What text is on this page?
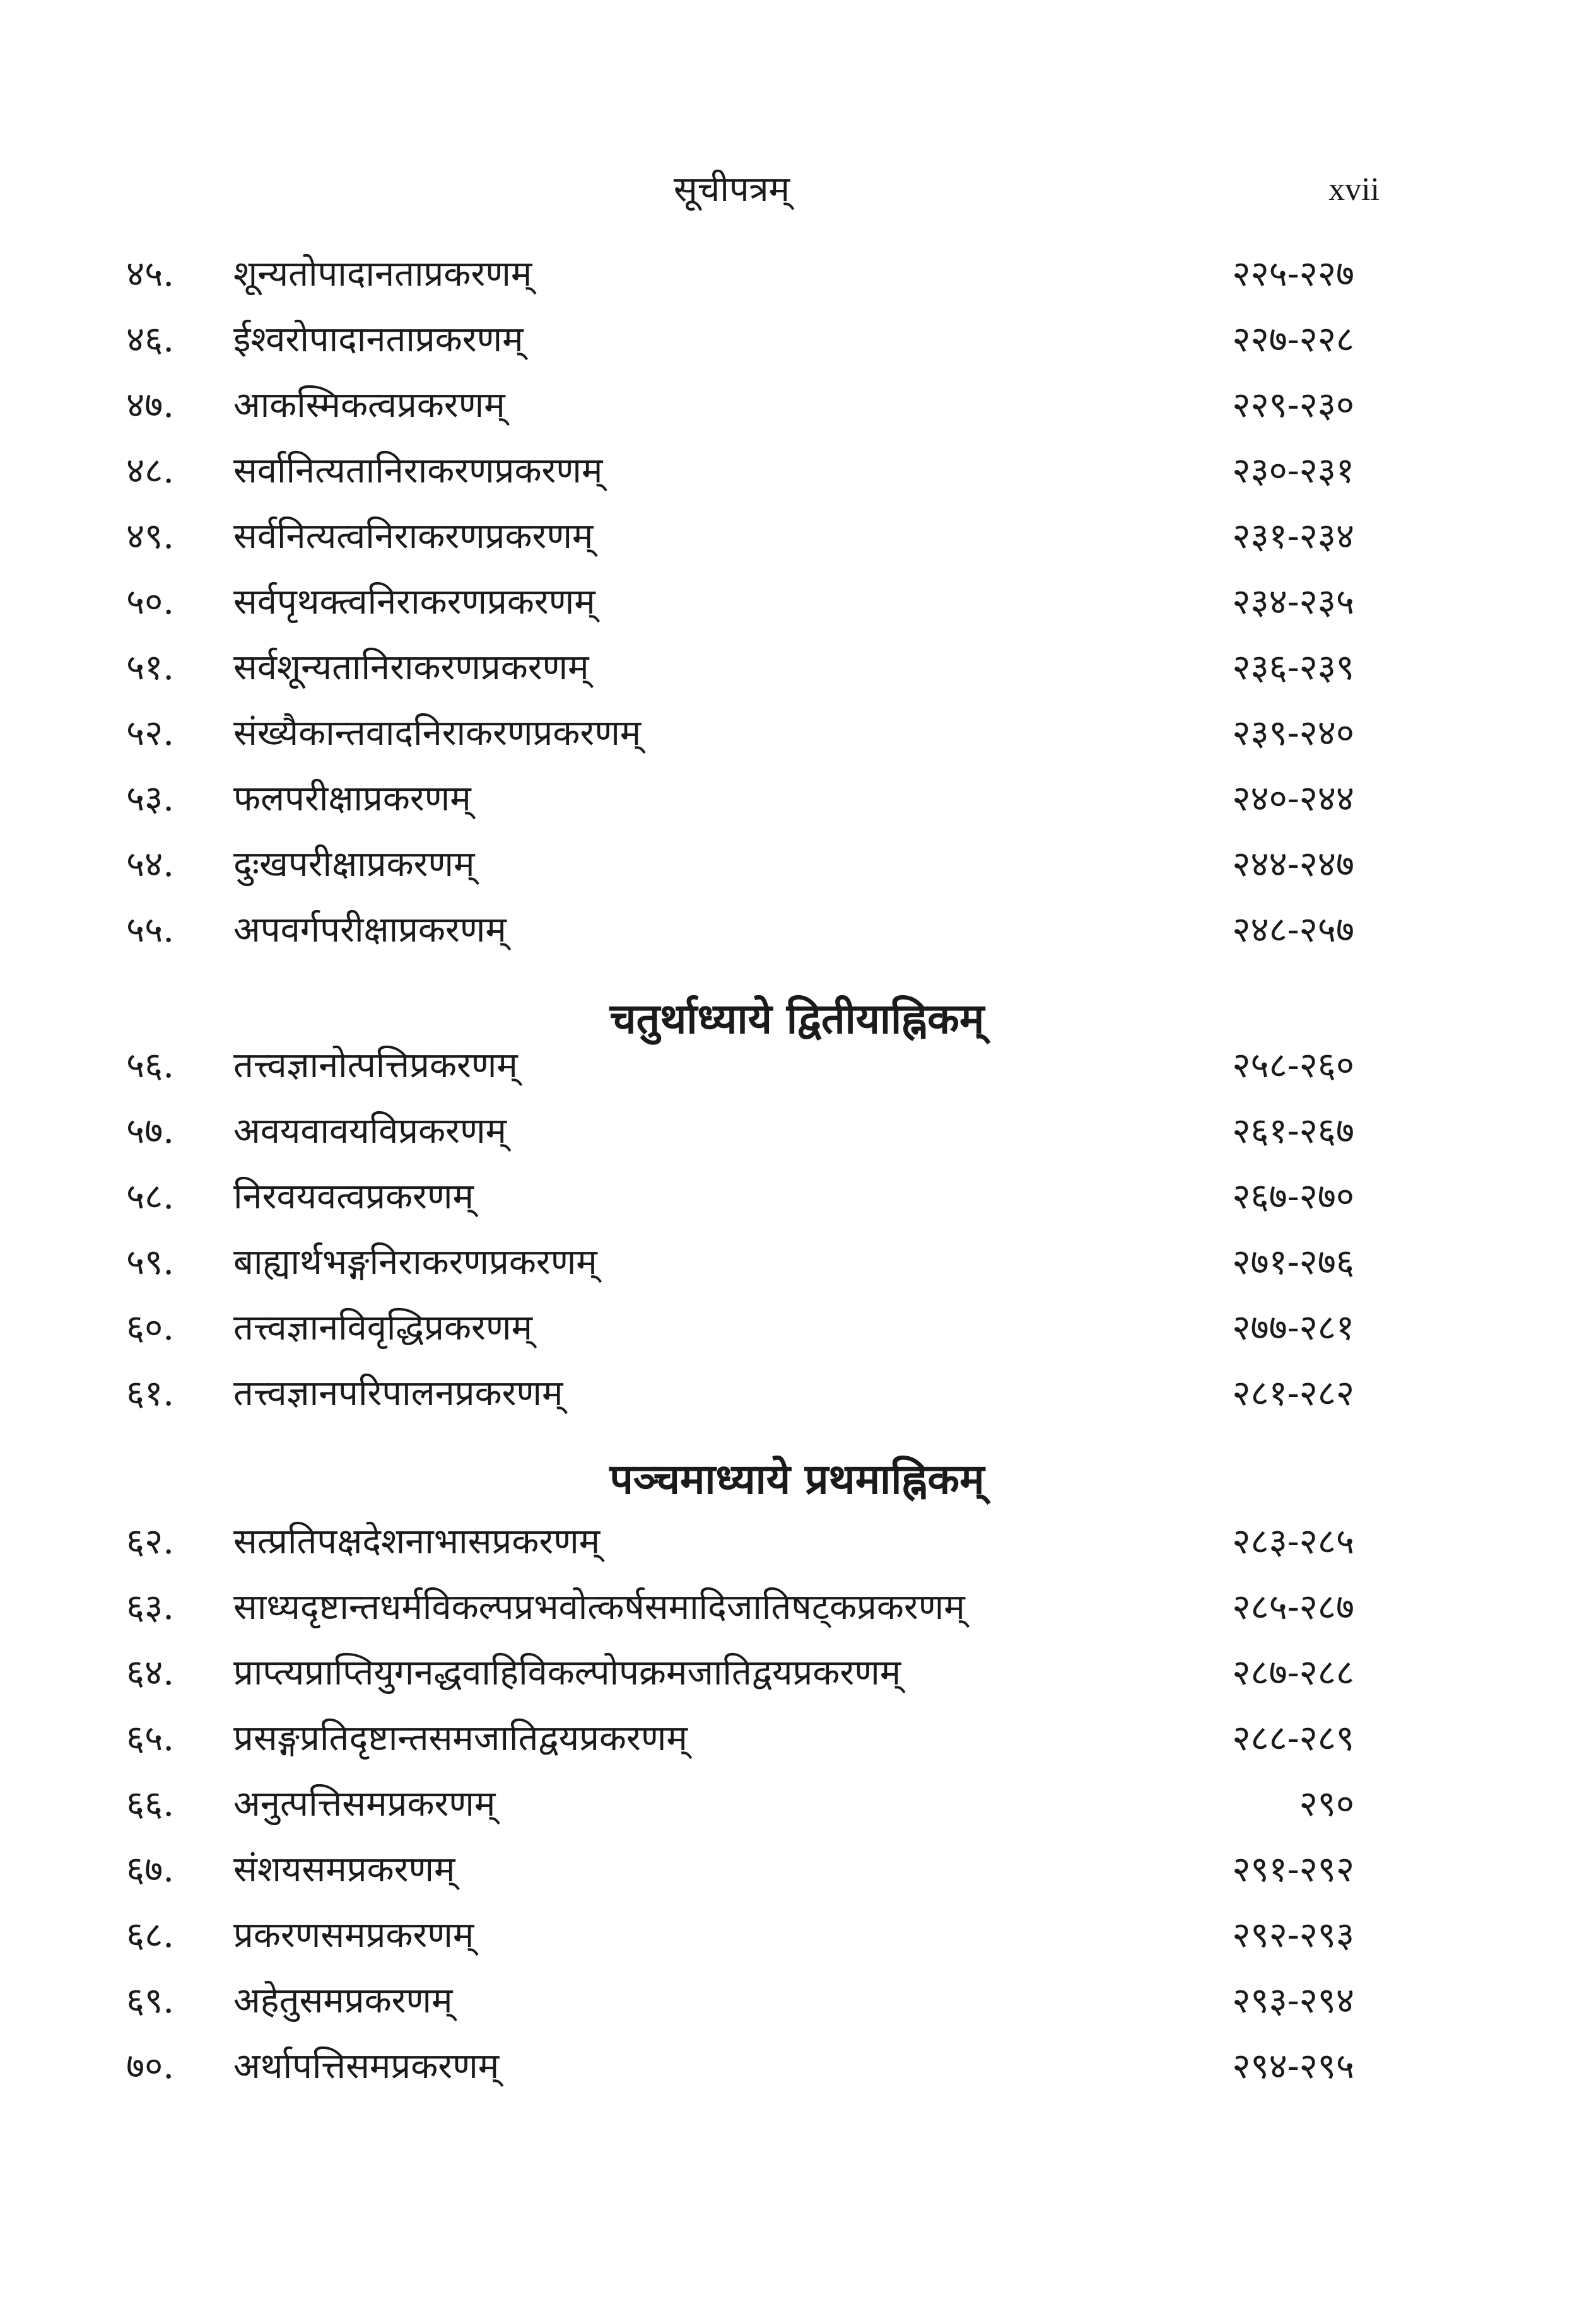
सूचीपत्रम्	xvii
४५.	शून्यतोपादानताप्रकरणम्	२२५-२२७
४६.	ईश्वरोपादानताप्रकरणम्	२२७-२२८
४७.	आकस्मिकत्वप्रकरणम्	२२९-२३०
४८.	सर्वानित्यतानिराकरणप्रकरणम्	२३०-२३१
४९.	सर्वनित्यत्वनिराकरणप्रकरणम्	२३१-२३४
५०.	सर्वपृथक्त्वनिराकरणप्रकरणम्	२३४-२३५
५१.	सर्वशून्यतानिराकरणप्रकरणम्	२३६-२३९
५२.	संख्यैकान्तवादनिराकरणप्रकरणम्	२३९-२४०
५३.	फलपरीक्षाप्रकरणम्	२४०-२४४
५४.	दुःखपरीक्षाप्रकरणम्	२४४-२४७
५५.	अपवर्गपरीक्षाप्रकरणम्	२४८-२५७
चतुर्थाध्याये द्वितीयाह्निकम्
५६.	तत्त्वज्ञानोत्पत्तिप्रकरणम्	२५८-२६०
५७.	अवयवावयविप्रकरणम्	२६१-२६७
५८.	निरवयवत्वप्रकरणम्	२६७-२७०
५९.	बाह्यार्थभङ्गनिराकरणप्रकरणम्	२७१-२७६
६०.	तत्त्वज्ञानविवृद्धिप्रकरणम्	२७७-२८१
६१.	तत्त्वज्ञानपरिपालनप्रकरणम्	२८१-२८२
पञ्चमाध्याये प्रथमाह्निकम्
६२.	सत्प्रतिपक्षदेशनाभासप्रकरणम्	२८३-२८५
६३.	साध्यदृष्टान्तधर्मविकल्पप्रभवोत्कर्षसमादिजातिषट्कप्रकरणम्	२८५-२८७
६४.	प्राप्त्यप्राप्तियुगनद्धवाहिविकल्पोपक्रमजातिद्वयप्रकरणम्	२८७-२८८
६५.	प्रसङ्गप्रतिदृष्टान्तसमजातिद्वयप्रकरणम्	२८८-२८९
६६.	अनुत्पत्तिसमप्रकरणम्	२९०
६७.	संशयसमप्रकरणम्	२९१-२९२
६८.	प्रकरणसमप्रकरणम्	२९२-२९३
६९.	अहेतुसमप्रकरणम्	२९३-२९४
७०.	अर्थापत्तिसमप्रकरणम्	२९४-२९५
